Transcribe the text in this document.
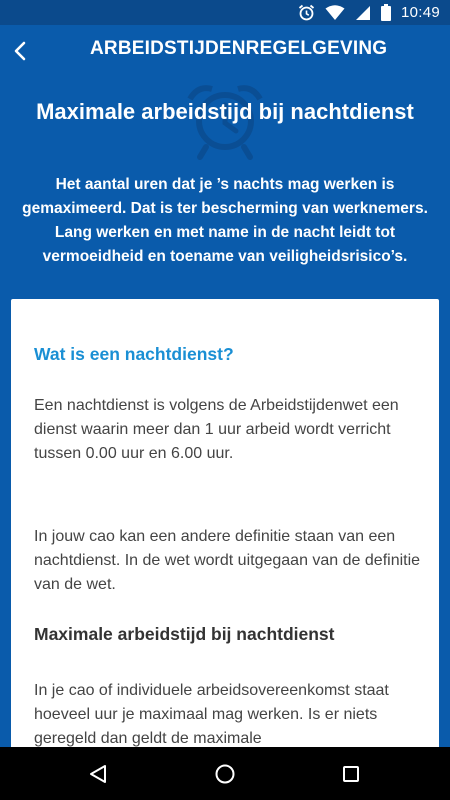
10:49
ARBEIDSTIJDENREGELGEVING
Maximale arbeidstijd bij nachtdienst
Het aantal uren dat je ’s nachts mag werken is gemaximeerd. Dat is ter bescherming van werknemers. Lang werken en met name in de nacht leidt tot vermoeidheid en toename van veiligheidsrisico’s.
Wat is een nachtdienst?
Een nachtdienst is volgens de Arbeidstijdenwet een dienst waarin meer dan 1 uur arbeid wordt verricht tussen 0.00 uur en 6.00 uur.
In jouw cao kan een andere definitie staan van een nachtdienst. In de wet wordt uitgegaan van de definitie van de wet.
Maximale arbeidstijd bij nachtdienst
In je cao of individuele arbeidsovereenkomst staat hoeveel uur je maximaal mag werken. Is er niets geregeld dan geldt de maximale
